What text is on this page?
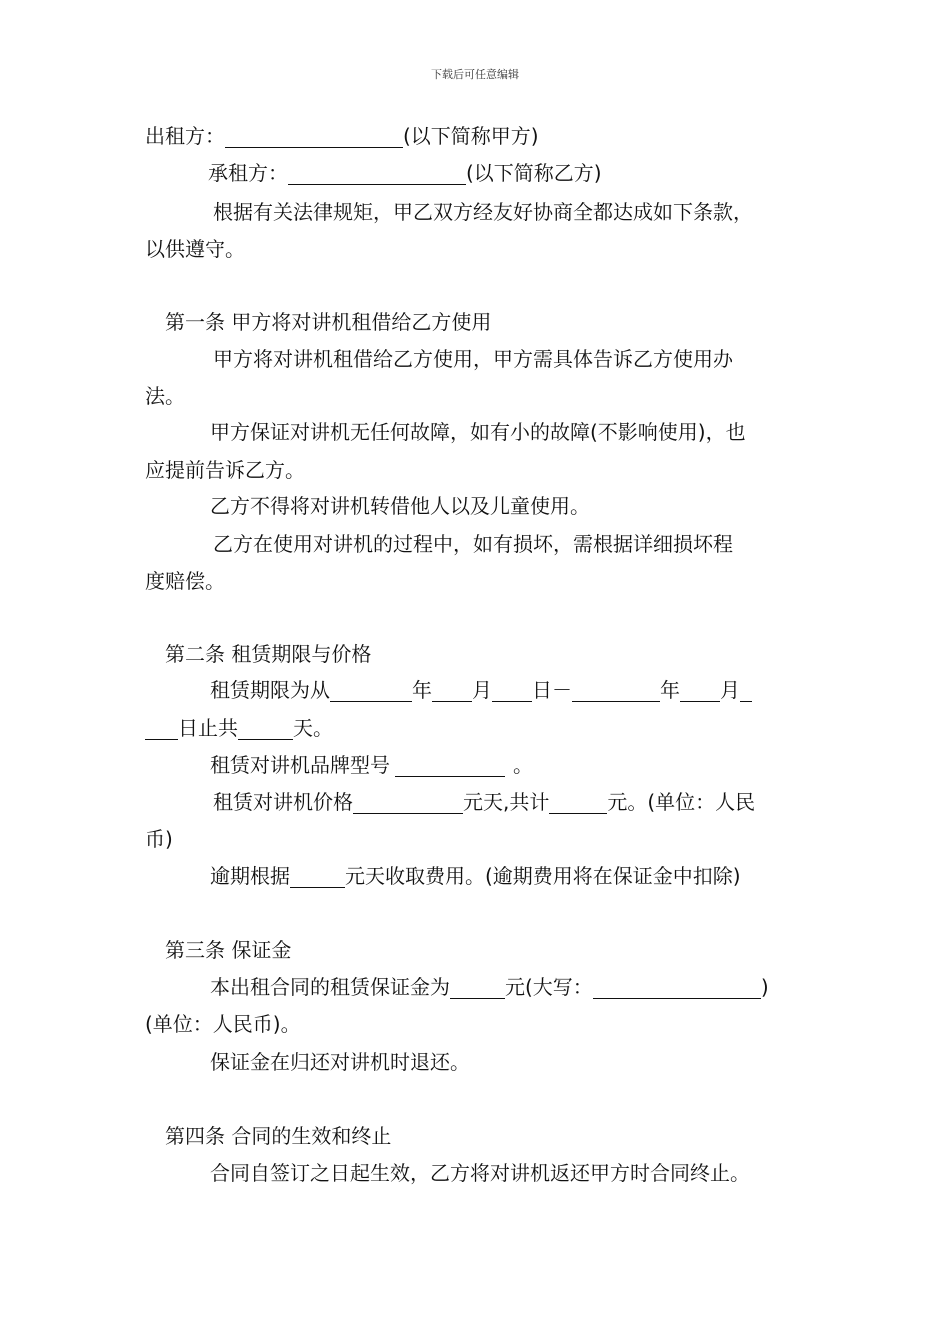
下载后可任意编辑
出租方：	(以下简称甲方)
承租方：	(以下简称乙方)
根据有关法律规矩，甲乙双方经友好协商全都达成如下条款，
以供遵守。
第一条 甲方将对讲机租借给乙方使用
甲方将对讲机租借给乙方使用，甲方需具体告诉乙方使用办
法。
甲方保证对讲机无任何故障，如有小的故障(不影响使用)，也
应提前告诉乙方。
乙方不得将对讲机转借他人以及儿童使用。
乙方在使用对讲机的过程中，如有损坏，需根据详细损坏程
度赔偿。
第二条 租赁期限与价格
租赁期限为从	年 月 日－	年 月
日止共	天。
租赁对讲机品牌型号	。
租赁对讲机价格	元天,共计	元。(单位：人民
币)
逾期根据	元天收取费用。(逾期费用将在保证金中扣除)
第三条 保证金
本出租合同的租赁保证金为	元(大写：	)
(单位：人民币)。
保证金在归还对讲机时退还。
第四条 合同的生效和终止
合同自签订之日起生效，乙方将对讲机返还甲方时合同终止。
